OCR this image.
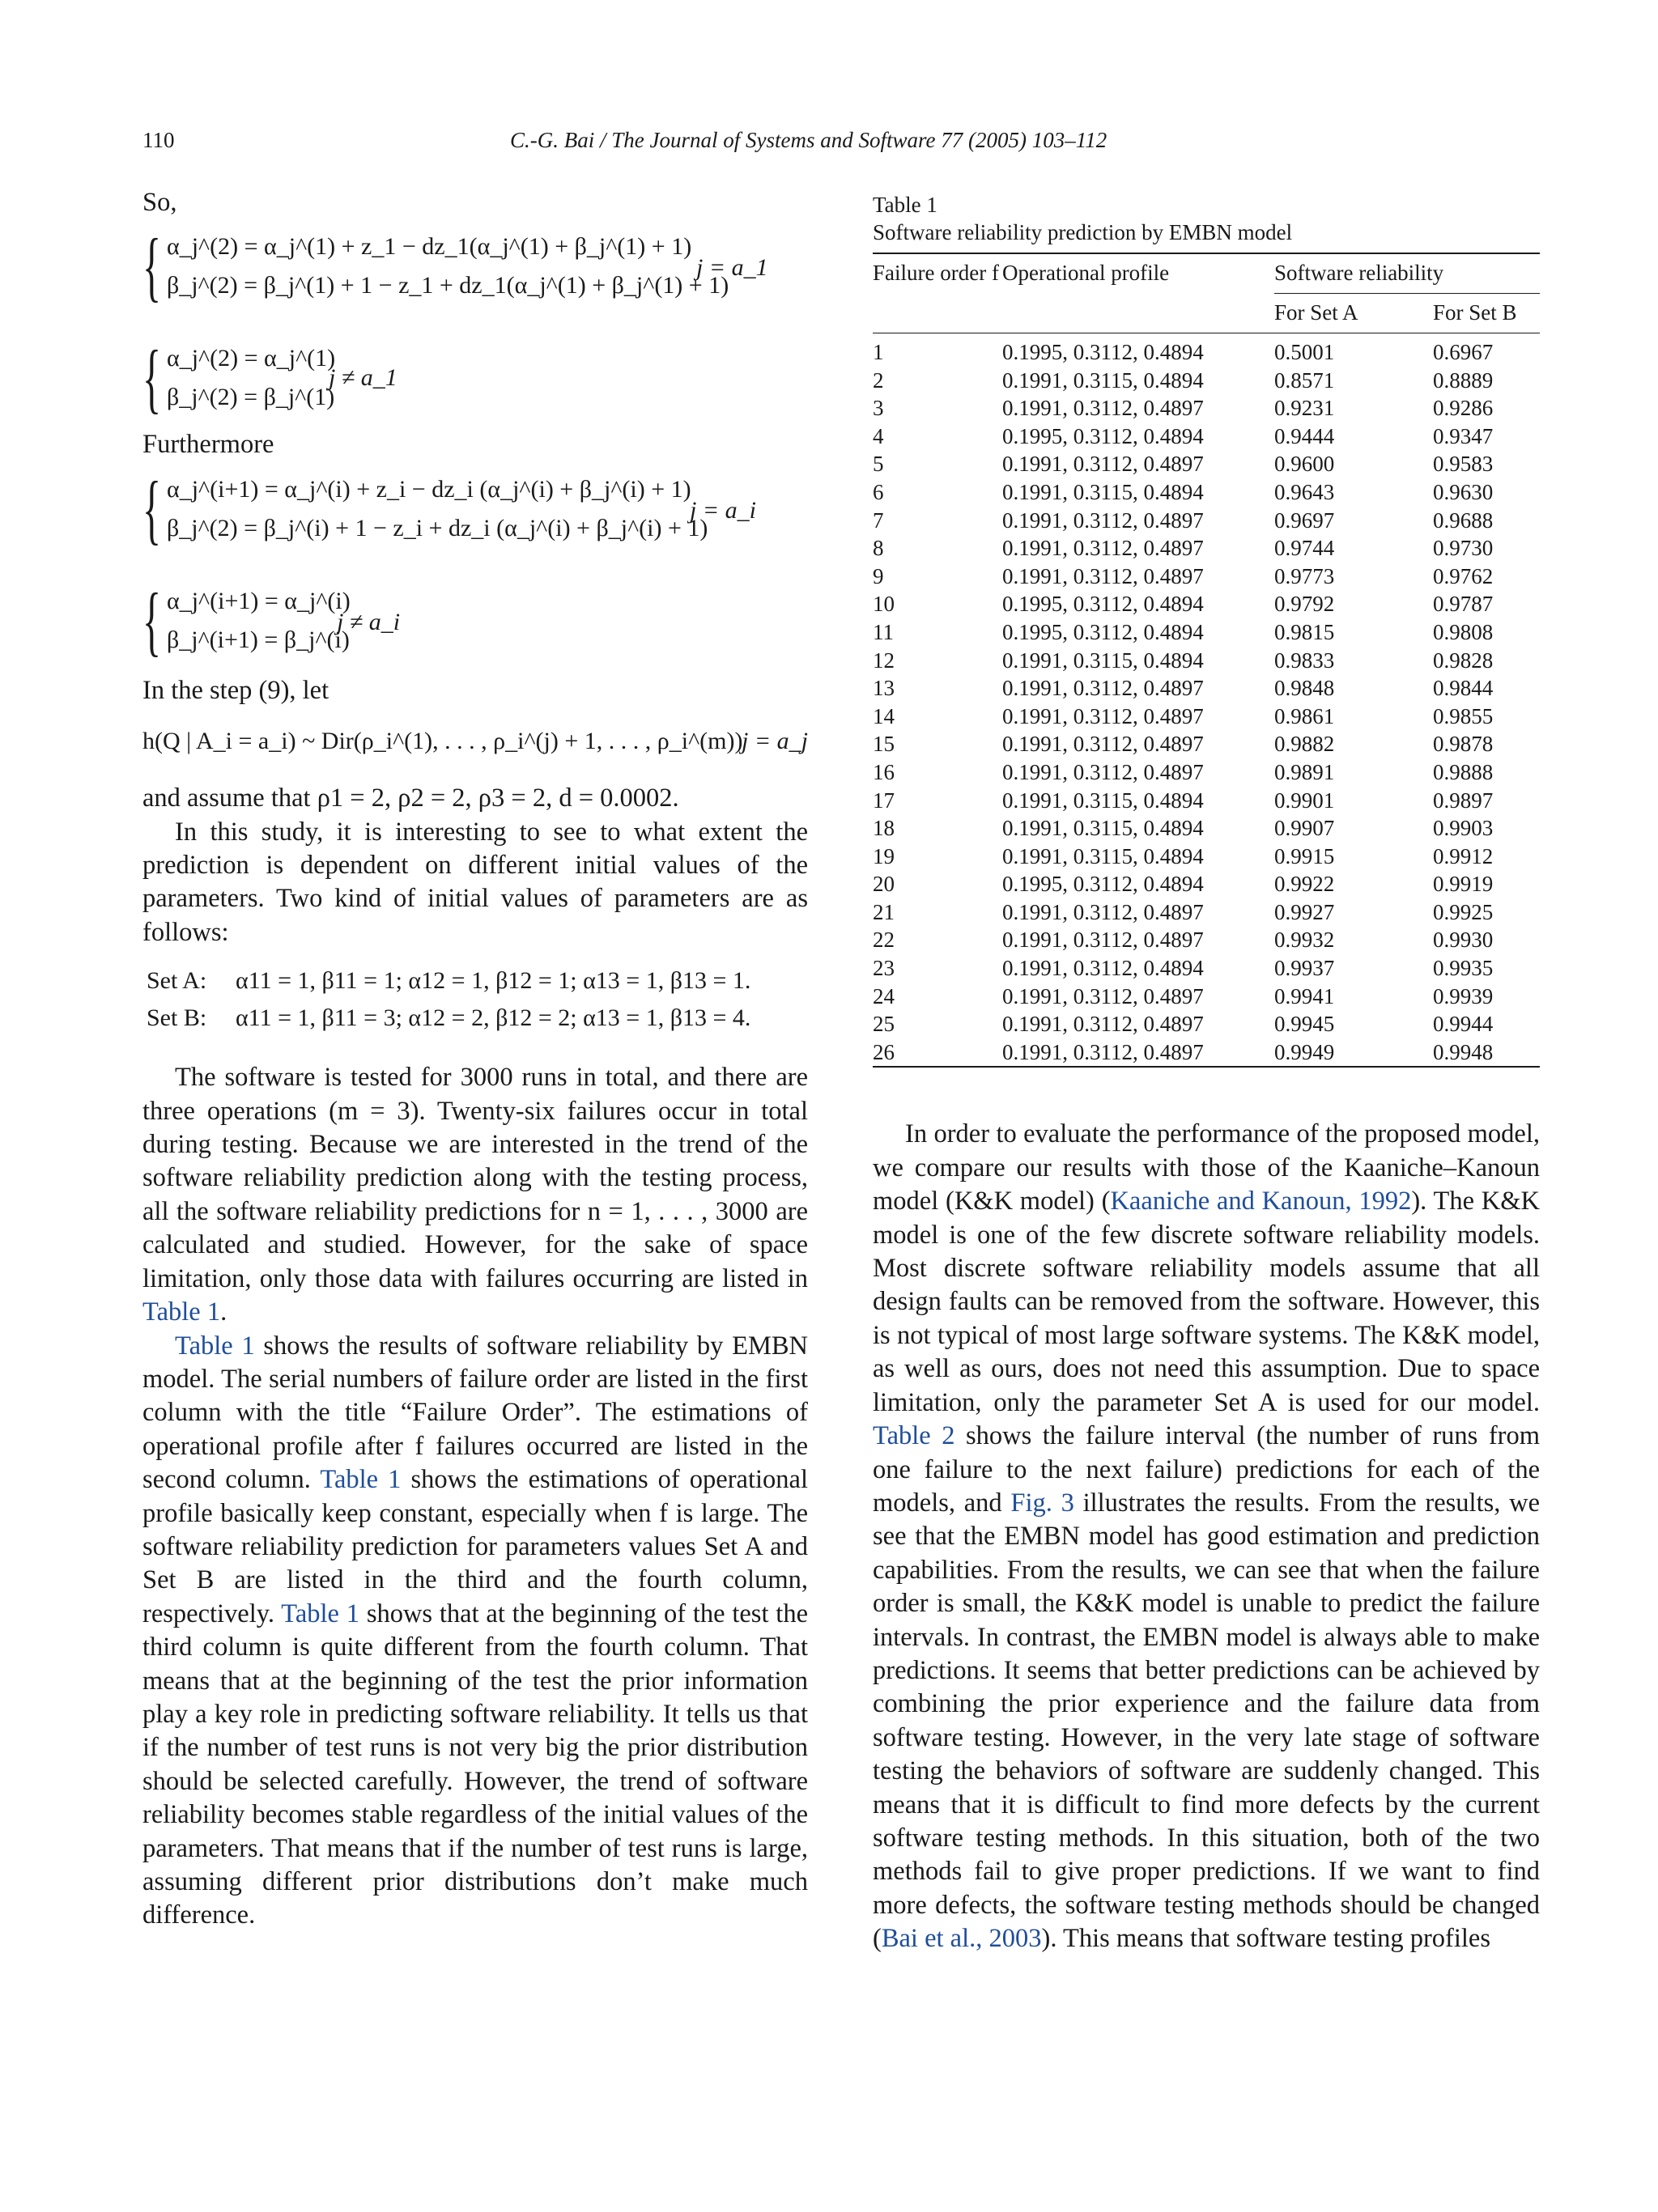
110	C.-G. Bai / The Journal of Systems and Software 77 (2005) 103–112

So,

{ α_j^(2) = α_j^(1) + z_1 − dz_1(α_j^(1) + β_j^(1) + 1)
β_j^(2) = β_j^(1) + 1 − z_1 + dz_1(α_j^(1) + β_j^(1) + 1)
j = a_1
{ α_j^(2) = α_j^(1)
β_j^(2) = β_j^(1)
j ≠ a_1

Furthermore

{ α_j^(i+1) = α_j^(i) + z_i − dz_i (α_j^(i) + β_j^(i) + 1)
β_j^(2) = β_j^(i) + 1 − z_i + dz_i (α_j^(i) + β_j^(i) + 1)
j = a_i
{ α_j^(i+1) = α_j^(i)
β_j^(i+1) = β_j^(i)
j ≠ a_i

In the step (9), let

h(Q | A_i = a_i) ~ Dir(ρ_i^(1), . . . , ρ_i^(j) + 1, . . . , ρ_i^(m))
j = a_j

and assume that ρ1 = 2, ρ2 = 2, ρ3 = 2, d = 0.0002.

In this study, it is interesting to see to what extent the prediction is dependent on different initial values of the parameters. Two kind of initial values of parameters are as follows:

Set A: α11 = 1, β11 = 1; α12 = 1, β12 = 1; α13 = 1, β13 = 1.
Set B: α11 = 1, β11 = 3; α12 = 2, β12 = 2; α13 = 1, β13 = 4.

The software is tested for 3000 runs in total, and there are three operations (m = 3). Twenty-six failures occur in total during testing. Because we are interested in the trend of the software reliability prediction along with the testing process, all the software reliability predictions for n = 1, . . . , 3000 are calculated and studied. However, for the sake of space limitation, only those data with failures occurring are listed in Table 1.

Table 1 shows the results of software reliability by EMBN model. The serial numbers of failure order are listed in the first column with the title “Failure Order”. The estimations of operational profile after f failures occurred are listed in the second column. Table 1 shows the estimations of operational profile basically keep constant, especially when f is large. The software reliability prediction for parameters values Set A and Set B are listed in the third and the fourth column, respectively. Table 1 shows that at the beginning of the test the third column is quite different from the fourth column. That means that at the beginning of the test the prior information play a key role in predicting software reliability. It tells us that if the number of test runs is not very big the prior distribution should be selected carefully. However, the trend of software reliability becomes stable regardless of the initial values of the parameters. That means that if the number of test runs is large, assuming different prior distributions don’t make much difference.

Table 1
Software reliability prediction by EMBN model
Failure order f	Operational profile	Software reliability	
		For Set A	For Set B
1	0.1995, 0.3112, 0.4894	0.5001	0.6967
2	0.1991, 0.3115, 0.4894	0.8571	0.8889
3	0.1991, 0.3112, 0.4897	0.9231	0.9286
4	0.1995, 0.3112, 0.4894	0.9444	0.9347
5	0.1991, 0.3112, 0.4897	0.9600	0.9583
6	0.1991, 0.3115, 0.4894	0.9643	0.9630
7	0.1991, 0.3112, 0.4897	0.9697	0.9688
8	0.1991, 0.3112, 0.4897	0.9744	0.9730
9	0.1991, 0.3112, 0.4897	0.9773	0.9762
10	0.1995, 0.3112, 0.4894	0.9792	0.9787
11	0.1995, 0.3112, 0.4894	0.9815	0.9808
12	0.1991, 0.3115, 0.4894	0.9833	0.9828
13	0.1991, 0.3112, 0.4897	0.9848	0.9844
14	0.1991, 0.3112, 0.4897	0.9861	0.9855
15	0.1991, 0.3112, 0.4897	0.9882	0.9878
16	0.1991, 0.3112, 0.4897	0.9891	0.9888
17	0.1991, 0.3115, 0.4894	0.9901	0.9897
18	0.1991, 0.3115, 0.4894	0.9907	0.9903
19	0.1991, 0.3115, 0.4894	0.9915	0.9912
20	0.1995, 0.3112, 0.4894	0.9922	0.9919
21	0.1991, 0.3112, 0.4897	0.9927	0.9925
22	0.1991, 0.3112, 0.4897	0.9932	0.9930
23	0.1991, 0.3112, 0.4894	0.9937	0.9935
24	0.1991, 0.3112, 0.4897	0.9941	0.9939
25	0.1991, 0.3112, 0.4897	0.9945	0.9944
26	0.1991, 0.3112, 0.4897	0.9949	0.9948

In order to evaluate the performance of the proposed model, we compare our results with those of the Kaaniche–Kanoun model (K&K model) (Kaaniche and Kanoun, 1992). The K&K model is one of the few discrete software reliability models. Most discrete software reliability models assume that all design faults can be removed from the software. However, this is not typical of most large software systems. The K&K model, as well as ours, does not need this assumption. Due to space limitation, only the parameter Set A is used for our model. Table 2 shows the failure interval (the number of runs from one failure to the next failure) predictions for each of the models, and Fig. 3 illustrates the results. From the results, we see that the EMBN model has good estimation and prediction capabilities. From the results, we can see that when the failure order is small, the K&K model is unable to predict the failure intervals. In contrast, the EMBN model is always able to make predictions. It seems that better predictions can be achieved by combining the prior experience and the failure data from software testing. However, in the very late stage of software testing the behaviors of software are suddenly changed. This means that it is difficult to find more defects by the current software testing methods. In this situation, both of the two methods fail to give proper predictions. If we want to find more defects, the software testing methods should be changed (Bai et al., 2003). This means that software testing profiles
